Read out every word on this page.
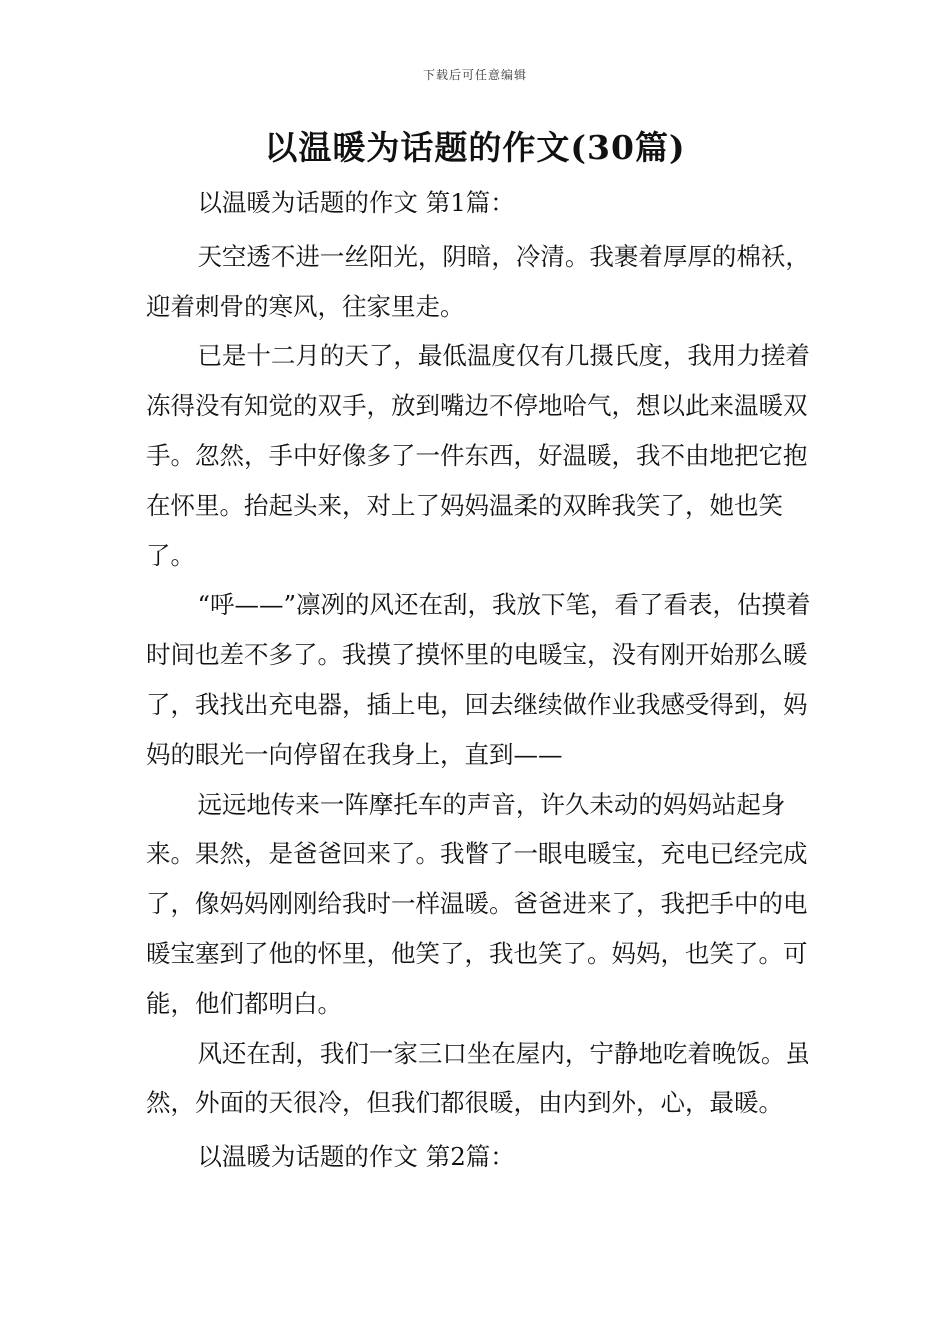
下载后可任意编辑
以温暖为话题的作文(30篇)

以温暖为话题的作文 第1篇：

天空透不进一丝阳光，阴暗，冷清。我裹着厚厚的棉袄，迎着刺骨的寒风，往家里走。

已是十二月的天了，最低温度仅有几摄氏度，我用力搓着冻得没有知觉的双手，放到嘴边不停地哈气，想以此来温暖双手。忽然，手中好像多了一件东西，好温暖，我不由地把它抱在怀里。抬起头来，对上了妈妈温柔的双眸我笑了，她也笑了。

“呼——”凛冽的风还在刮，我放下笔，看了看表，估摸着时间也差不多了。我摸了摸怀里的电暖宝，没有刚开始那么暖了，我找出充电器，插上电，回去继续做作业我感受得到，妈妈的眼光一向停留在我身上，直到——

远远地传来一阵摩托车的声音，许久未动的妈妈站起身来。果然，是爸爸回来了。我瞥了一眼电暖宝，充电已经完成了，像妈妈刚刚给我时一样温暖。爸爸进来了，我把手中的电暖宝塞到了他的怀里，他笑了，我也笑了。妈妈，也笑了。可能，他们都明白。

风还在刮，我们一家三口坐在屋内，宁静地吃着晚饭。虽然，外面的天很冷，但我们都很暖，由内到外，心，最暖。

以温暖为话题的作文 第2篇：
